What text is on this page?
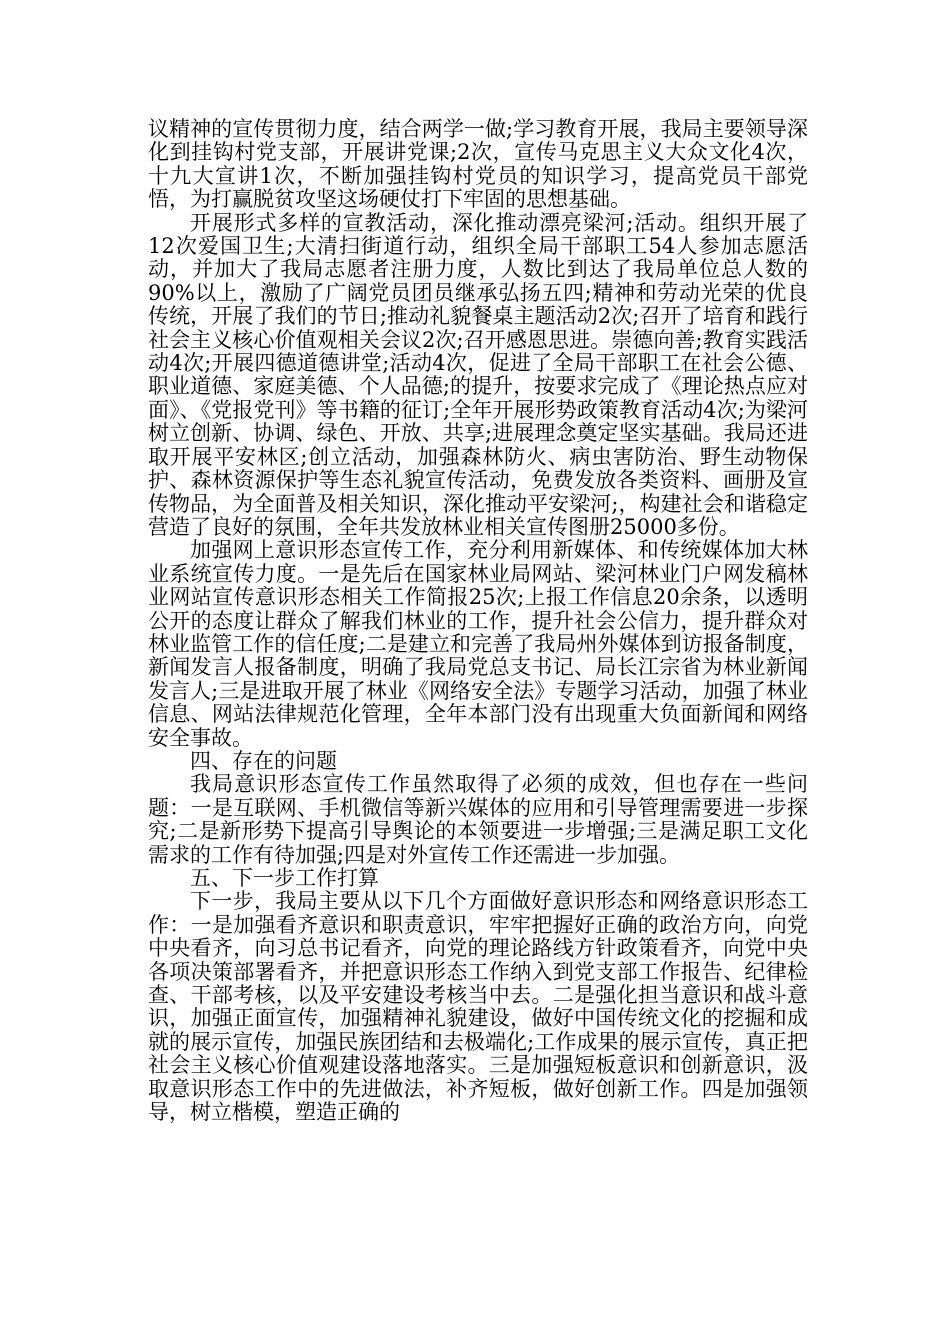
议精神的宣传贯彻力度，结合两学一做;学习教育开展，我局主要领导深化到挂钩村党支部，开展讲党课;2次，宣传马克思主义大众文化4次，十九大宣讲1次，不断加强挂钩村党员的知识学习，提高党员干部党悟，为打赢脱贫攻坚这场硬仗打下牢固的思想基础。

开展形式多样的宣教活动，深化推动漂亮梁河;活动。组织开展了12次爱国卫生;大清扫街道行动，组织全局干部职工54人参加志愿活动，并加大了我局志愿者注册力度，人数比到达了我局单位总人数的90%以上，激励了广阔党员团员继承弘扬五四;精神和劳动光荣的优良传统，开展了我们的节日;推动礼貌餐桌主题活动2次;召开了培育和践行社会主义核心价值观相关会议2次;召开感恩思进。崇德向善;教育实践活动4次;开展四德道德讲堂;活动4次，促进了全局干部职工在社会公德、职业道德、家庭美德、个人品德;的提升，按要求完成了《理论热点应对面》、《党报党刊》等书籍的征订;全年开展形势政策教育活动4次;为梁河树立创新、协调、绿色、开放、共享;进展理念奠定坚实基础。我局还进取开展平安林区;创立活动，加强森林防火、病虫害防治、野生动物保护、森林资源保护等生态礼貌宣传活动，免费发放各类资料、画册及宣传物品，为全面普及相关知识，深化推动平安梁河;，构建社会和谐稳定营造了良好的氛围，全年共发放林业相关宣传图册25000多份。

加强网上意识形态宣传工作，充分利用新媒体、和传统媒体加大林业系统宣传力度。一是先后在国家林业局网站、梁河林业门户网发稿林业网站宣传意识形态相关工作简报25次;上报工作信息20余条，以透明公开的态度让群众了解我们林业的工作，提升社会公信力，提升群众对林业监管工作的信任度;二是建立和完善了我局州外媒体到访报备制度，新闻发言人报备制度，明确了我局党总支书记、局长江宗省为林业新闻发言人;三是进取开展了林业《网络安全法》专题学习活动，加强了林业信息、网站法律规范化管理，全年本部门没有出现重大负面新闻和网络安全事故。

四、存在的问题

我局意识形态宣传工作虽然取得了必须的成效，但也存在一些问题：一是互联网、手机微信等新兴媒体的应用和引导管理需要进一步探究;二是新形势下提高引导舆论的本领要进一步增强;三是满足职工文化需求的工作有待加强;四是对外宣传工作还需进一步加强。

五、下一步工作打算

下一步，我局主要从以下几个方面做好意识形态和网络意识形态工作：一是加强看齐意识和职责意识，牢牢把握好正确的政治方向，向党中央看齐，向习总书记看齐，向党的理论路线方针政策看齐，向党中央各项决策部署看齐，并把意识形态工作纳入到党支部工作报告、纪律检查、干部考核，以及平安建设考核当中去。二是强化担当意识和战斗意识，加强正面宣传，加强精神礼貌建设，做好中国传统文化的挖掘和成就的展示宣传，加强民族团结和去极端化;工作成果的展示宣传，真正把社会主义核心价值观建设落地落实。三是加强短板意识和创新意识，汲取意识形态工作中的先进做法，补齐短板，做好创新工作。四是加强领导，树立楷模，塑造正确的
